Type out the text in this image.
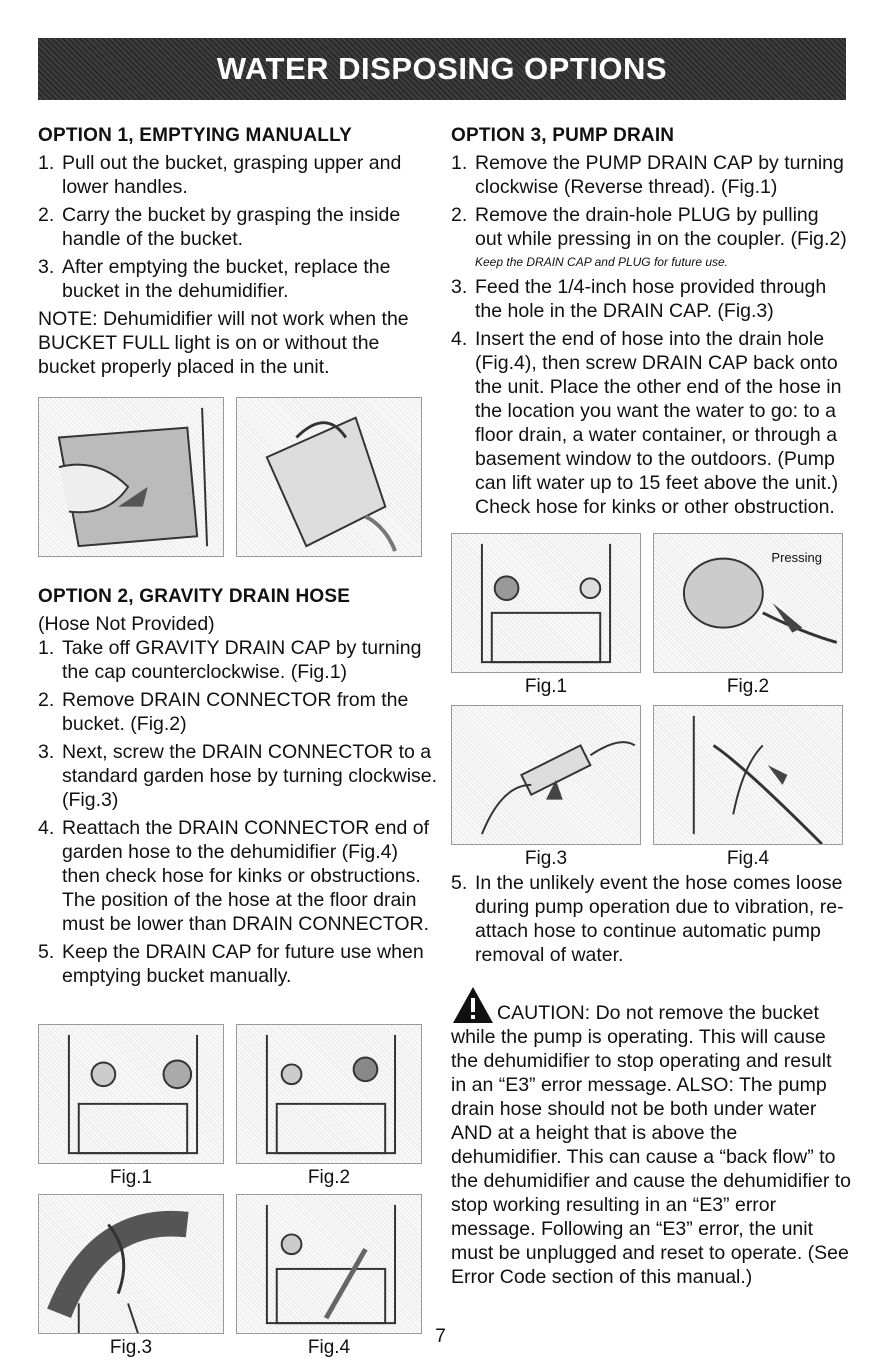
WATER DISPOSING OPTIONS
OPTION 1, EMPTYING MANUALLY
1. Pull out the bucket, grasping upper and lower handles.
2. Carry the bucket by grasping the inside handle of the bucket.
3. After emptying the bucket, replace the bucket in the dehumidifier.

NOTE: Dehumidifier will not work when the BUCKET FULL light is on or without the bucket properly placed in the unit.

OPTION 2, GRAVITY DRAIN HOSE

(Hose Not Provided)

1. Take off GRAVITY DRAIN CAP by turning the cap counterclockwise. (Fig.1)
2. Remove DRAIN CONNECTOR from the bucket. (Fig.2)
3. Next, screw the DRAIN CONNECTOR to a standard garden hose by turning clockwise. (Fig.3)
4. Reattach the DRAIN CONNECTOR end of garden hose to the dehumidifier (Fig.4) then check hose for kinks or obstructions. The position of the hose at the floor drain must be lower than DRAIN CONNECTOR.
5. Keep the DRAIN CAP for future use when emptying bucket manually.
Fig.1	Fig.2
Fig.3	Fig.4
OPTION 3, PUMP DRAIN
1. Remove the PUMP DRAIN CAP by turning clockwise (Reverse thread). (Fig.1)
2. Remove the drain-hole PLUG by pulling out while pressing in on the coupler. (Fig.2)

Keep the DRAIN CAP and PLUG for future use.

3. Feed the 1/4-inch hose provided through the hole in the DRAIN CAP. (Fig.3)
4. Insert the end of hose into the drain hole (Fig.4), then screw DRAIN CAP back onto the unit. Place the other end of the hose in the location you want the water to go: to a floor drain, a water container, or through a basement window to the outdoors. (Pump can lift water up to 15 feet above the unit.) Check hose for kinks or other obstruction.
Fig.1
Pressing
Fig.2
Fig.3	Fig.4
5. In the unlikely event the hose comes loose during pump operation due to vibration, re-attach hose to continue automatic pump removal of water.

CAUTION: Do not remove the bucket while the pump is operating. This will cause the dehumidifier to stop operating and result in an “E3” error message. ALSO: The pump drain hose should not be both under water AND at a height that is above the dehumidifier. This can cause a “back flow” to the dehumidifier and cause the dehumidifier to stop working resulting in an “E3” error message. Following an “E3” error, the unit must be unplugged and reset to operate. (See Error Code section of this manual.)

7
